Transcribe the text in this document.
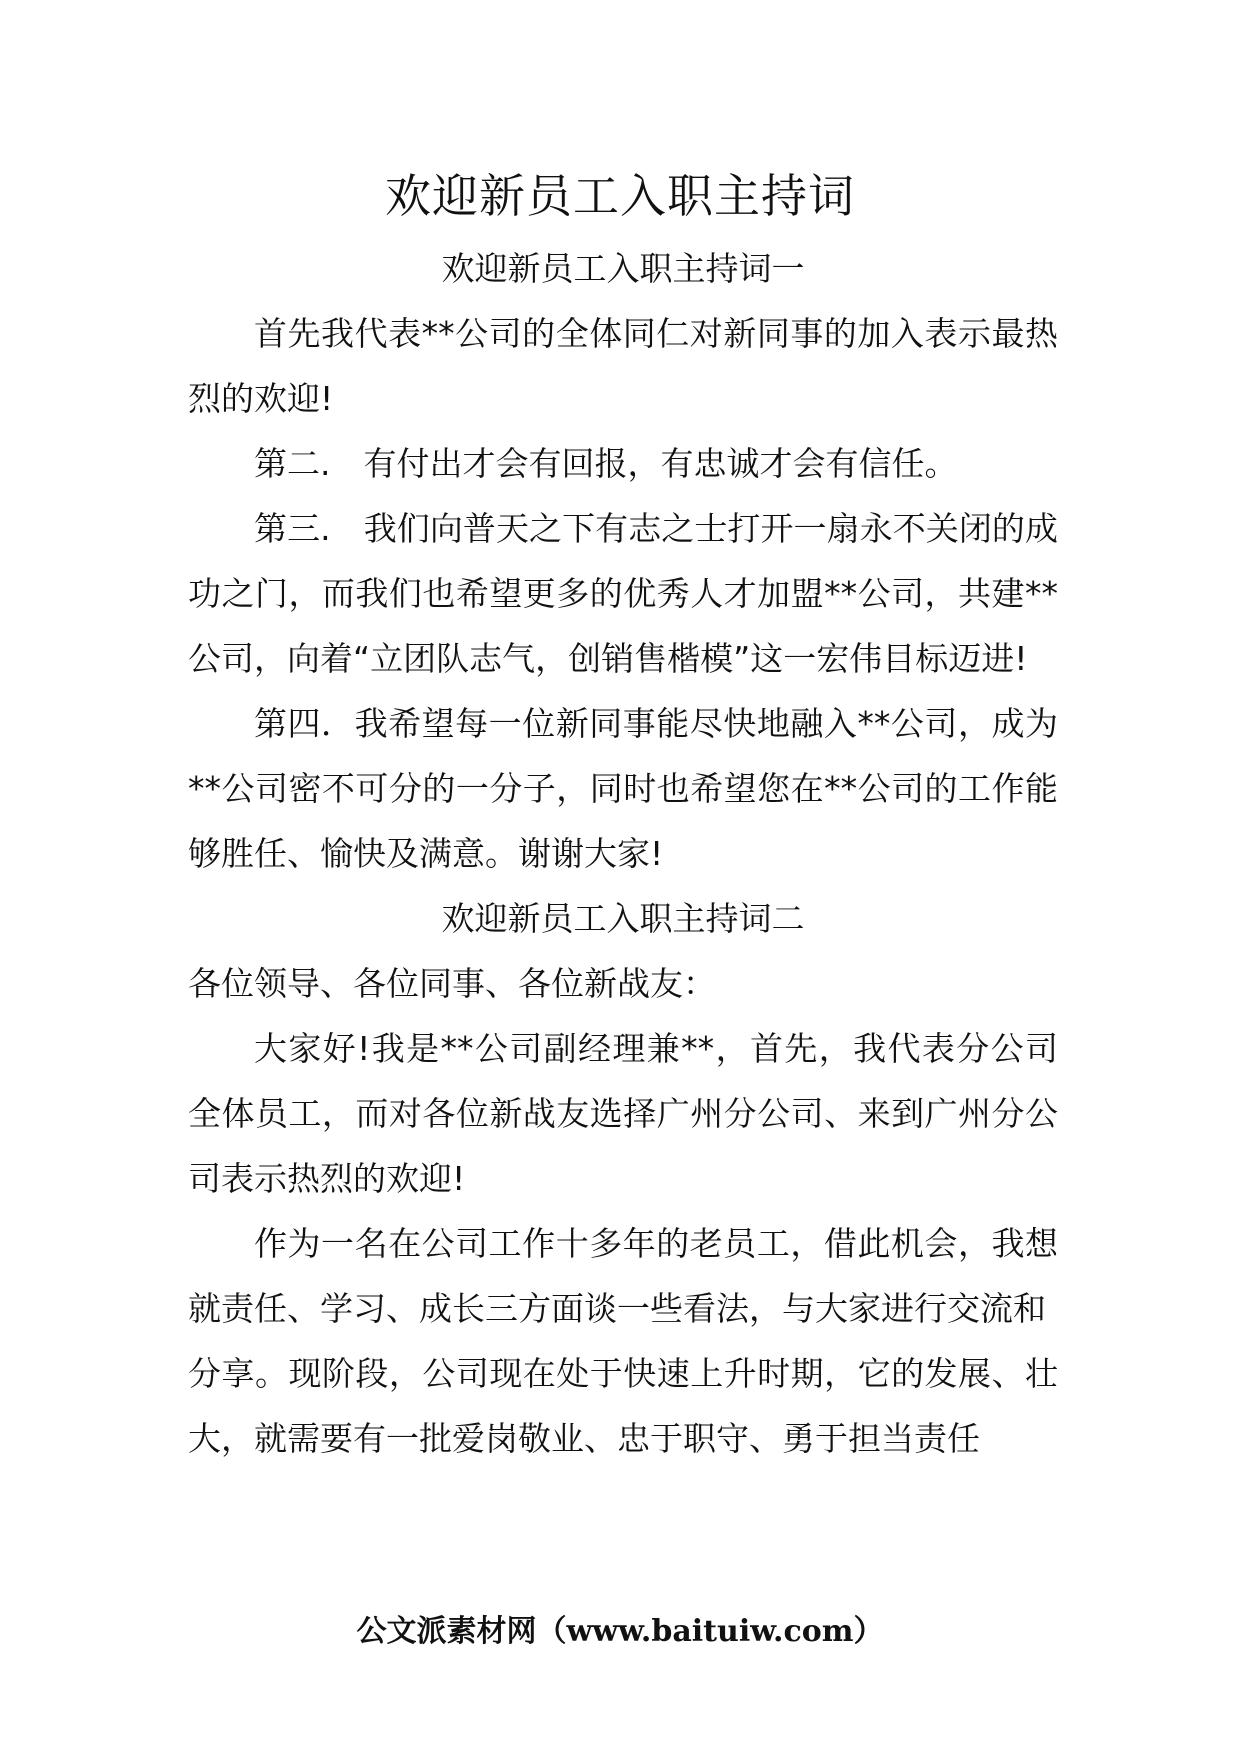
欢迎新员工入职主持词

欢迎新员工入职主持词一

首先我代表**公司的全体同仁对新同事的加入表示最热烈的欢迎!

第二.　有付出才会有回报，有忠诚才会有信任。

第三.　我们向普天之下有志之士打开一扇永不关闭的成功之门，而我们也希望更多的优秀人才加盟**公司，共建**公司，向着“立团队志气，创销售楷模”这一宏伟目标迈进!

第四．我希望每一位新同事能尽快地融入**公司，成为**公司密不可分的一分子，同时也希望您在**公司的工作能够胜任、愉快及满意。谢谢大家!

欢迎新员工入职主持词二

各位领导、各位同事、各位新战友：

大家好!我是**公司副经理兼**，首先，我代表分公司全体员工，而对各位新战友选择广州分公司、来到广州分公司表示热烈的欢迎!

作为一名在公司工作十多年的老员工，借此机会，我想就责任、学习、成长三方面谈一些看法，与大家进行交流和

分享。现阶段，公司现在处于快速上升时期，它的发展、壮大，就需要有一批爱岗敬业、忠于职守、勇于担当责任

公文派素材网（www.baituiw.com）
